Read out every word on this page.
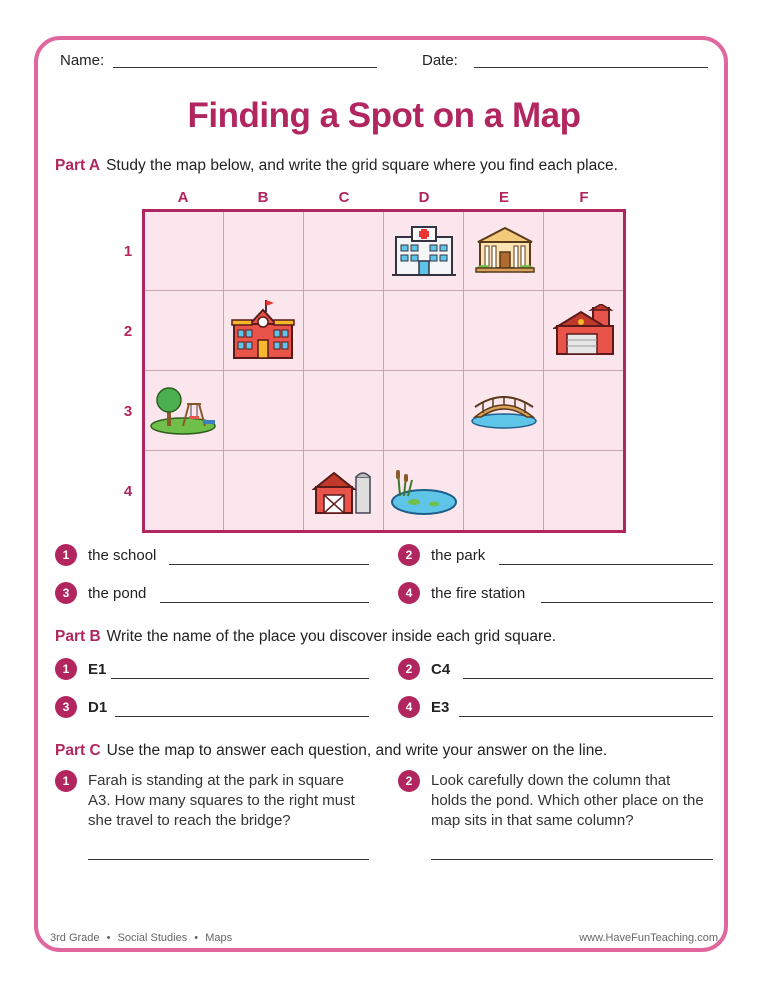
Name:	Date:
Finding a Spot on a Map
Part A Study the map below, and write the grid square where you find each place.
A	B	C	D	E	F
1
2
3
4
1	the school	2	the park
3	the pond	4	the fire station
Part B Write the name of the place you discover inside each grid square.
1	E1	2	C4
3	D1	4	E3
Part C Use the map to answer each question, and write your answer on the line.
1	Farah is standing at the park in square
A3. How many squares to the right must
she travel to reach the bridge?
2	Look carefully down the column that
holds the pond. Which other place on the
map sits in that same column?
3rd Grade • Social Studies • Maps	www.HaveFunTeaching.com
